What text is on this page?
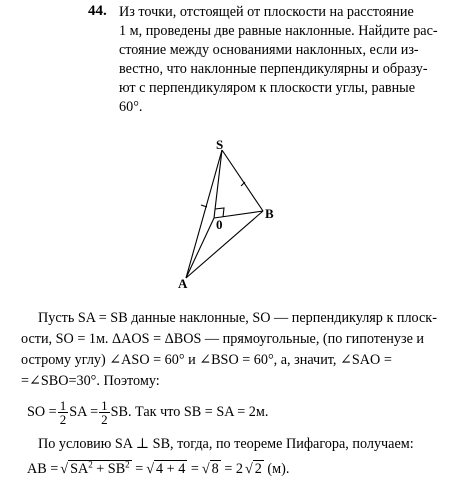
44. Из точки, отстоящей от плоскости на расстояние
1 м, проведены две равные наклонные. Найдите рас-
стояние между основаниями наклонных, если из-
вестно, что наклонные перпендикулярны и образу-
ют с перпендикуляром к плоскости углы, равные
60°.
S
B
0
A
Пусть SA = SB данные наклонные, SO — перпендикуляр к плоск-
ости, SO = 1м. ΔAOS = ΔBOS — прямоугольные, (по гипотенузе и
острому углу) ∠ASO = 60° и ∠BSO = 60°, а, значит, ∠SAO =
=∠SBO=30°. Поэтому:
SO = $\frac{1}{2}$ SA = $\frac{1}{2}$ SB. Так что SB = SA = 2м.
По условию SA ⊥ SB, тогда, по теореме Пифагора, получаем:
AB = √ $SA^2 + SB^2$ = √ 4 + 4 = √ 8 = 2 √ 2 (м).
